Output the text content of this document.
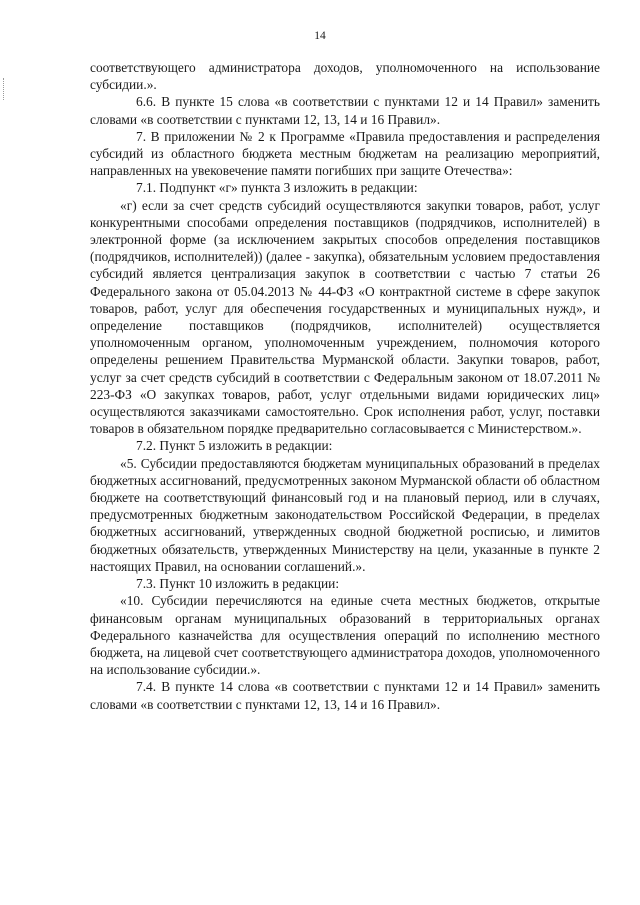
14

соответствующего администратора доходов, уполномоченного на использование субсидии.».

6.6. В пункте 15 слова «в соответствии с пунктами 12 и 14 Правил» заменить словами «в соответствии с пунктами 12, 13, 14 и 16 Правил».

7. В приложении № 2 к Программе «Правила предоставления и распределения субсидий из областного бюджета местным бюджетам на реализацию мероприятий, направленных на увековечение памяти погибших при защите Отечества»:

7.1. Подпункт «г» пункта 3 изложить в редакции:

«г) если за счет средств субсидий осуществляются закупки товаров, работ, услуг конкурентными способами определения поставщиков (подрядчиков, исполнителей) в электронной форме (за исключением закрытых способов определения поставщиков (подрядчиков, исполнителей)) (далее - закупка), обязательным условием предоставления субсидий является централизация закупок в соответствии с частью 7 статьи 26 Федерального закона от 05.04.2013 № 44-ФЗ «О контрактной системе в сфере закупок товаров, работ, услуг для обеспечения государственных и муниципальных нужд», и определение поставщиков (подрядчиков, исполнителей) осуществляется уполномоченным органом, уполномоченным учреждением, полномочия которого определены решением Правительства Мурманской области. Закупки товаров, работ, услуг за счет средств субсидий в соответствии с Федеральным законом от 18.07.2011 № 223-ФЗ «О закупках товаров, работ, услуг отдельными видами юридических лиц» осуществляются заказчиками самостоятельно. Срок исполнения работ, услуг, поставки товаров в обязательном порядке предварительно согласовывается с Министерством.».

7.2. Пункт 5 изложить в редакции:

«5. Субсидии предоставляются бюджетам муниципальных образований в пределах бюджетных ассигнований, предусмотренных законом Мурманской области об областном бюджете на соответствующий финансовый год и на плановый период, или в случаях, предусмотренных бюджетным законодательством Российской Федерации, в пределах бюджетных ассигнований, утвержденных сводной бюджетной росписью, и лимитов бюджетных обязательств, утвержденных Министерству на цели, указанные в пункте 2 настоящих Правил, на основании соглашений.».

7.3. Пункт 10 изложить в редакции:

«10. Субсидии перечисляются на единые счета местных бюджетов, открытые финансовым органам муниципальных образований в территориальных органах Федерального казначейства для осуществления операций по исполнению местного бюджета, на лицевой счет соответствующего администратора доходов, уполномоченного на использование субсидии.».

7.4. В пункте 14 слова «в соответствии с пунктами 12 и 14 Правил» заменить словами «в соответствии с пунктами 12, 13, 14 и 16 Правил».
